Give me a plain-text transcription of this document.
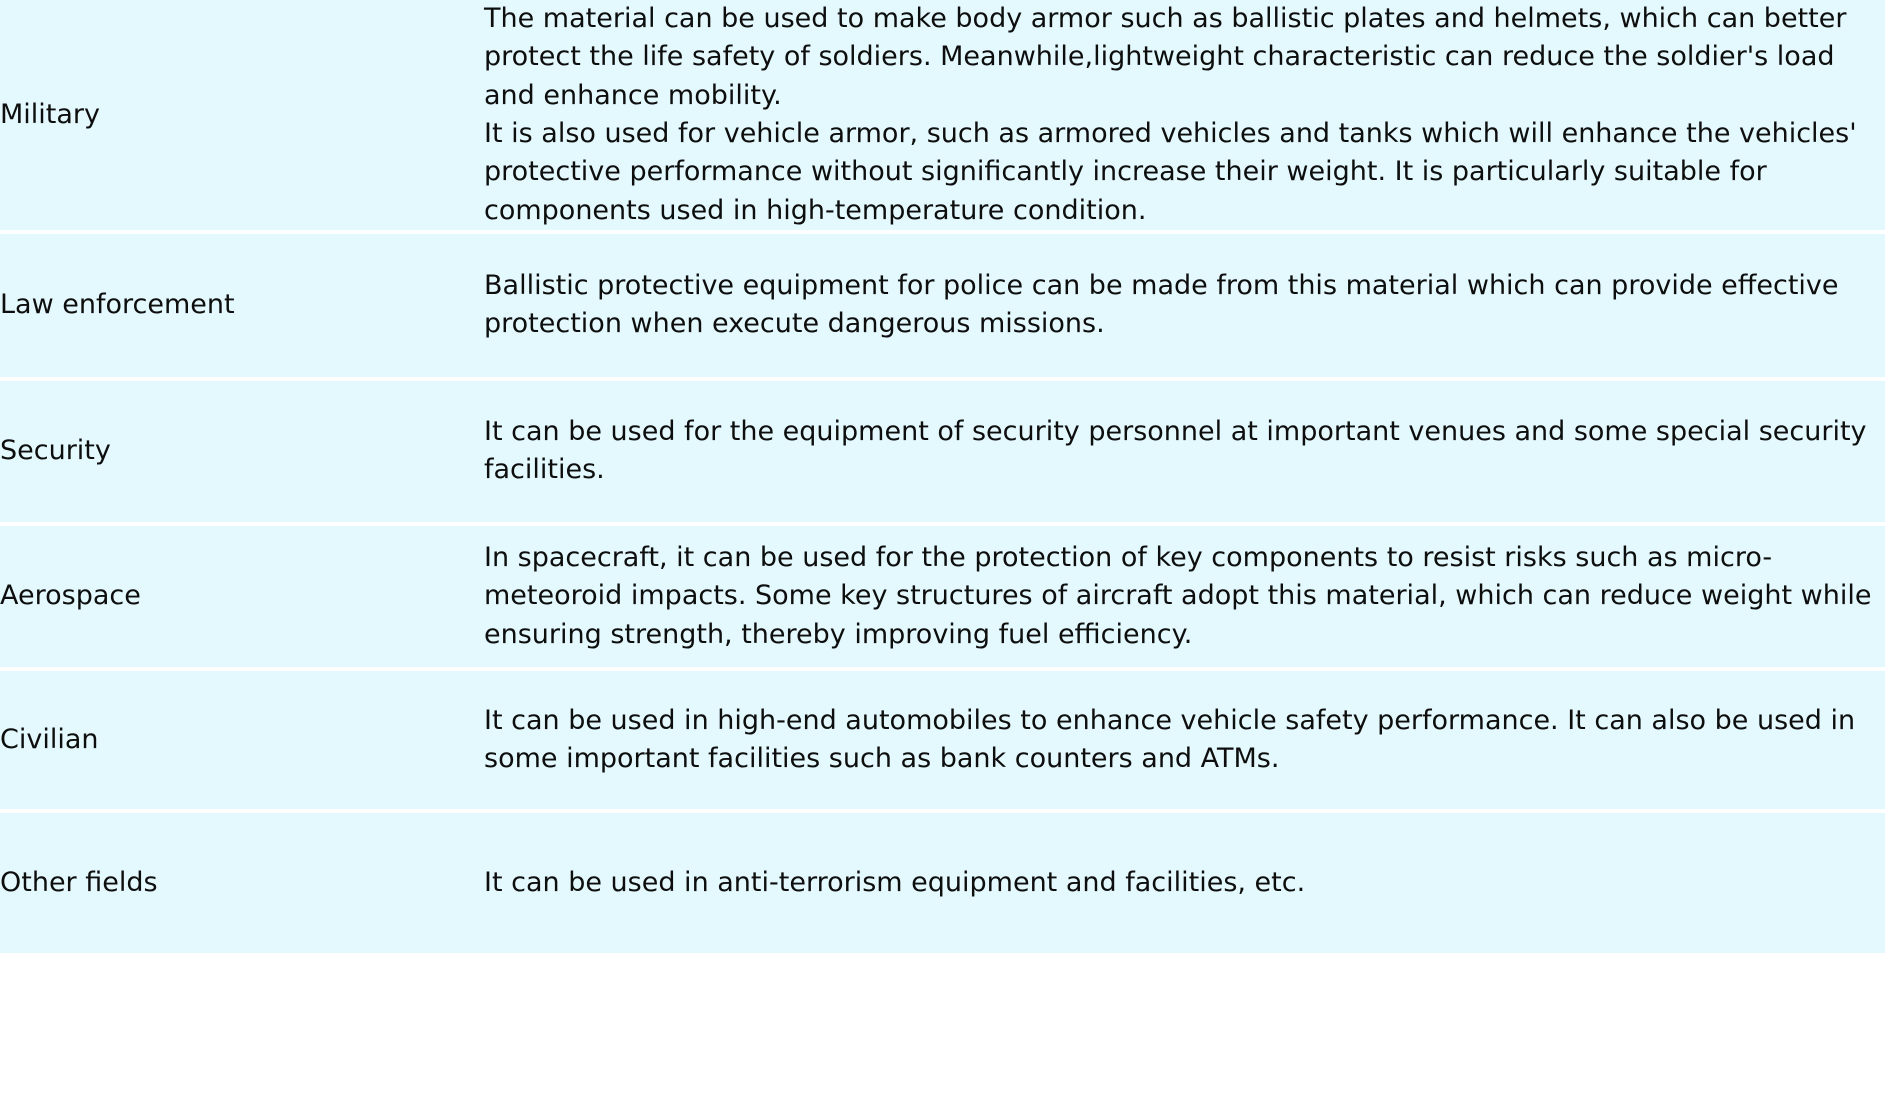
Military	The material can be used to make body armor such as ballistic plates and helmets, which can better protect the life safety of soldiers. Meanwhile,lightweight characteristic can reduce the soldier's load and enhance mobility.

It is also used for vehicle armor, such as armored vehicles and tanks which will enhance the vehicles' protective performance without significantly increase their weight. It is particularly suitable for components used in high-temperature condition.

Law enforcement	Ballistic protective equipment for police can be made from this material which can provide effective protection when execute dangerous missions.

Security	It can be used for the equipment of security personnel at important venues and some special security facilities.

Aerospace	In spacecraft, it can be used for the protection of key components to resist risks such as micro-meteoroid impacts. Some key structures of aircraft adopt this material, which can reduce weight while ensuring strength, thereby improving fuel efficiency.

Civilian	It can be used in high-end automobiles to enhance vehicle safety performance. It can also be used in some important facilities such as bank counters and ATMs.

Other fields	It can be used in anti-terrorism equipment and facilities, etc.
